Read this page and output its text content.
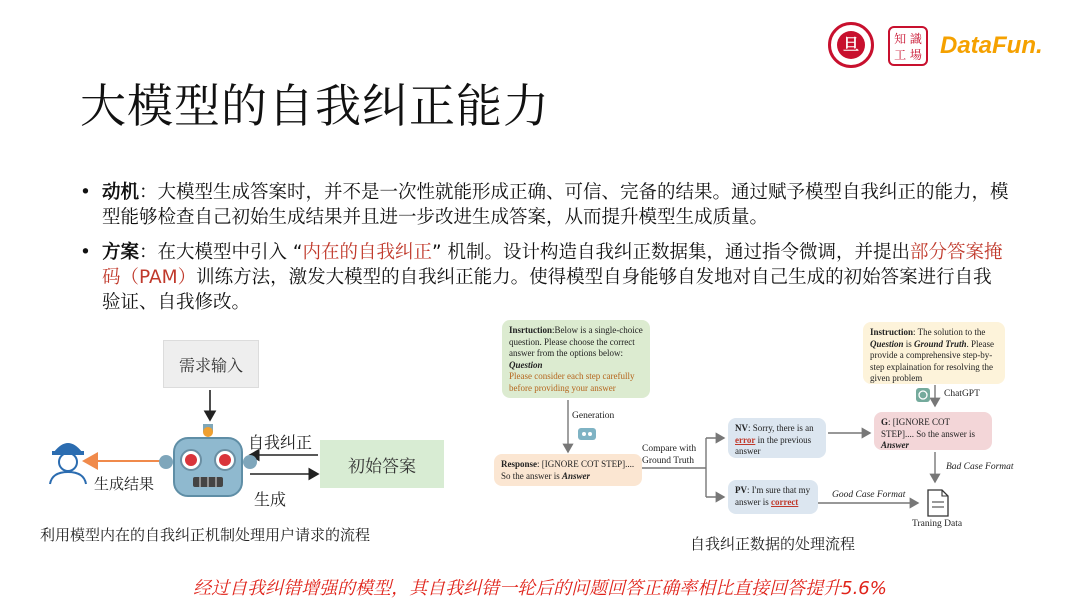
大模型的自我纠正能力
旦	知 識
工 場 DataFun.
• 动机：大模型生成答案时，并不是一次性就能形成正确、可信、完备的结果。通过赋予模型自我纠正的能力，模型能够检查自己初始生成结果并且进一步改进生成答案，从而提升模型生成质量。
• 方案：在大模型中引入 “内在的自我纠正” 机制。设计构造自我纠正数据集，通过指令微调，并提出部分答案掩码（PAM）训练方法，激发大模型的自我纠正能力。使得模型自身能够自发地对自己生成的初始答案进行自我验证、自我修改。
需求输入
初始答案
自我纠正
生成
生成结果
利用模型内在的自我纠正机制处理用户请求的流程
Insrtuction:Below is a single-choice question. Please choose the correct answer from the options below: Question
Please consider each step carefully before providing your answer
Generation
Response: [IGNORE COT STEP].... So the answer is Answer
Compare with Ground Truth
NV: Sorry, there is an error in the previous answer
PV: I'm sure that my answer is correct
Instruction: The solution to the Question is Ground Truth. Please provide a comprehensive step-by-step explaination for resolving the given problem
ChatGPT
G: [IGNORE COT STEP].... So the answer is Answer
Bad Case Format
Good Case Format
Traning Data
自我纠正数据的处理流程
经过自我纠错增强的模型，其自我纠错一轮后的问题回答正确率相比直接回答提升5.6%
